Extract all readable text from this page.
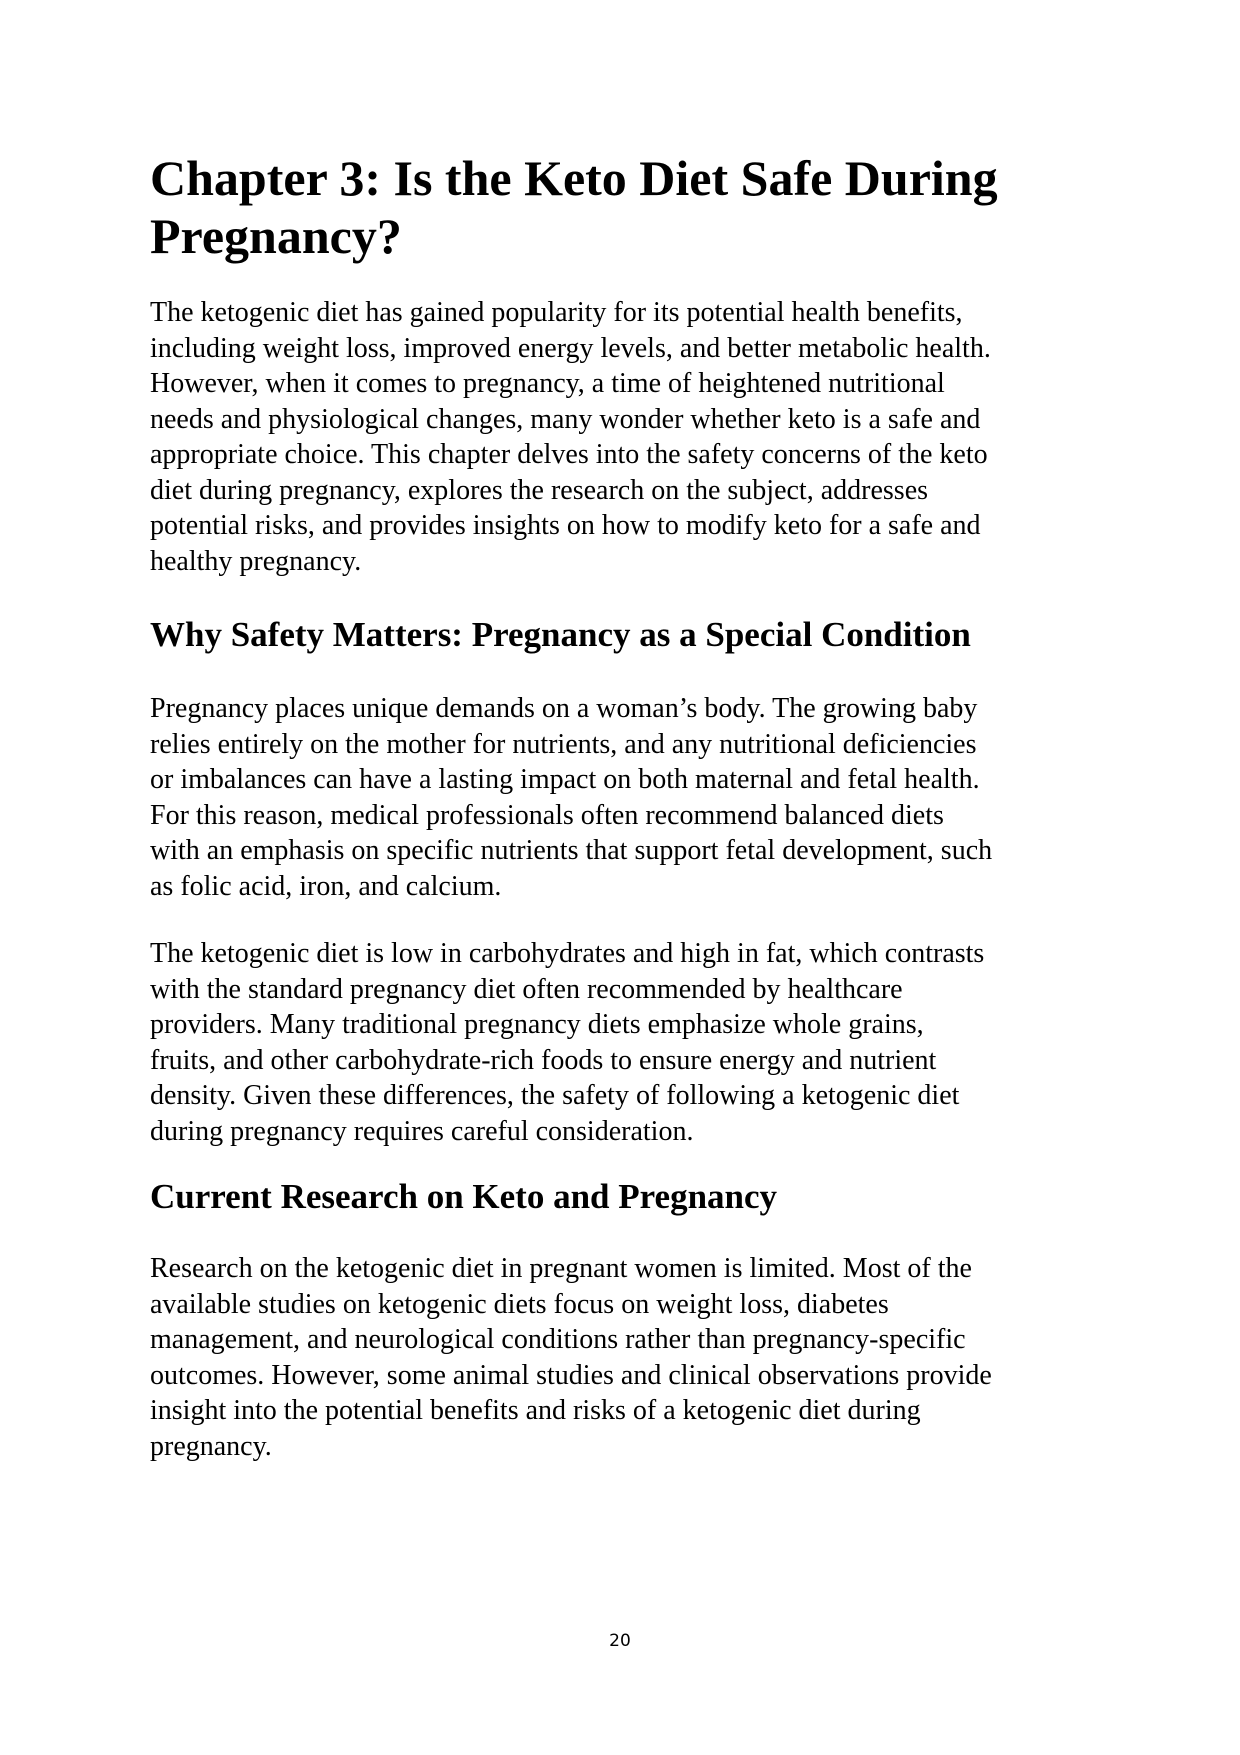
Chapter 3: Is the Keto Diet Safe During
Pregnancy?
The ketogenic diet has gained popularity for its potential health benefits,
including weight loss, improved energy levels, and better metabolic health.
However, when it comes to pregnancy, a time of heightened nutritional
needs and physiological changes, many wonder whether keto is a safe and
appropriate choice. This chapter delves into the safety concerns of the keto
diet during pregnancy, explores the research on the subject, addresses
potential risks, and provides insights on how to modify keto for a safe and
healthy pregnancy.
Why Safety Matters: Pregnancy as a Special Condition
Pregnancy places unique demands on a woman’s body. The growing baby
relies entirely on the mother for nutrients, and any nutritional deficiencies
or imbalances can have a lasting impact on both maternal and fetal health.
For this reason, medical professionals often recommend balanced diets
with an emphasis on specific nutrients that support fetal development, such
as folic acid, iron, and calcium.
The ketogenic diet is low in carbohydrates and high in fat, which contrasts
with the standard pregnancy diet often recommended by healthcare
providers. Many traditional pregnancy diets emphasize whole grains,
fruits, and other carbohydrate-rich foods to ensure energy and nutrient
density. Given these differences, the safety of following a ketogenic diet
during pregnancy requires careful consideration.
Current Research on Keto and Pregnancy
Research on the ketogenic diet in pregnant women is limited. Most of the
available studies on ketogenic diets focus on weight loss, diabetes
management, and neurological conditions rather than pregnancy-specific
outcomes. However, some animal studies and clinical observations provide
insight into the potential benefits and risks of a ketogenic diet during
pregnancy.
20
